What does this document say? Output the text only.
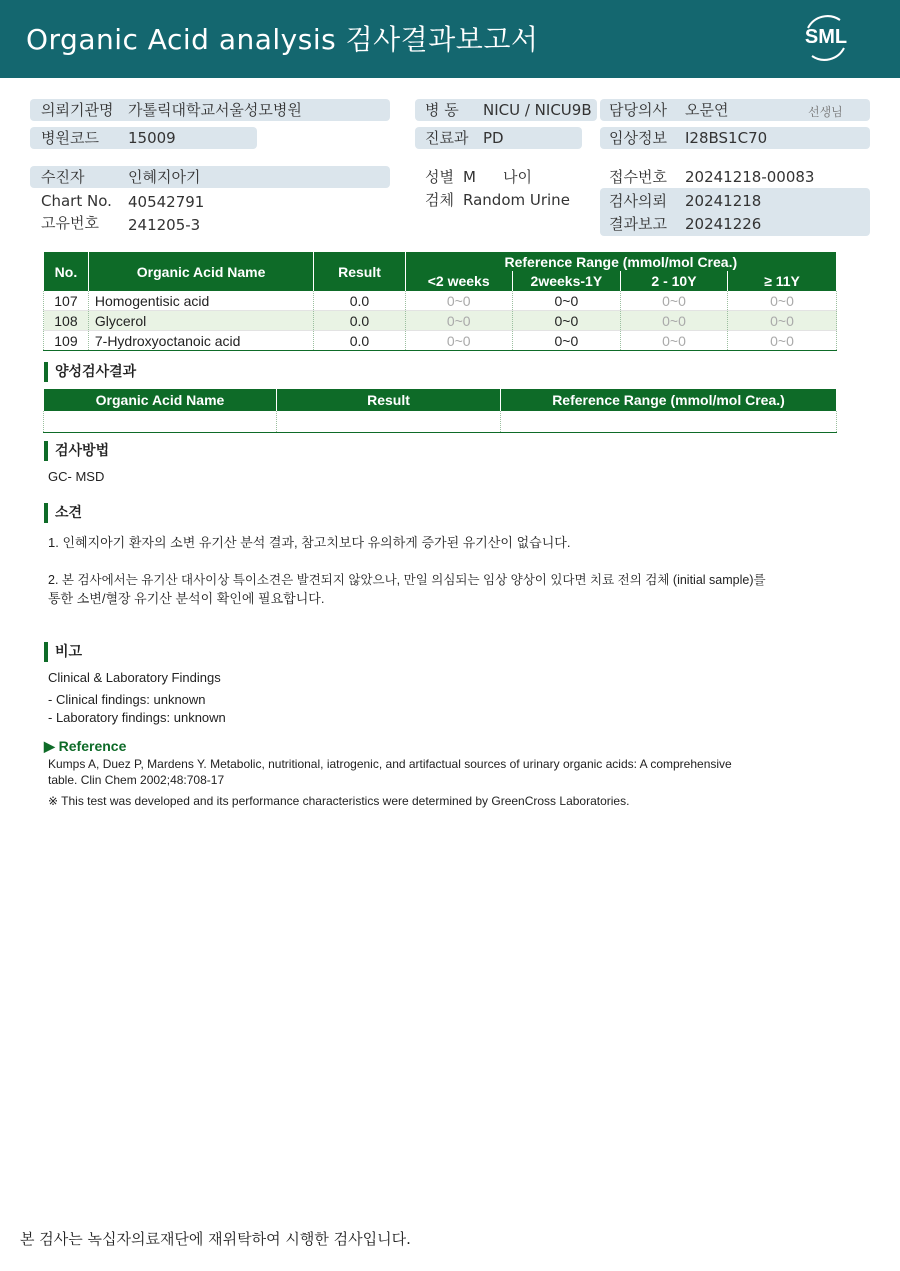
Organic Acid analysis 검사결과보고서	SML
의뢰기관명 가톨릭대학교서울성모병원
병원코드 15009
병 동 NICU / NICU9B
진료과 PD
담당의사 오문연	선생님
임상정보 I28BS1C70
수진자	인혜지아기
Chart No. 40542791
고유번호 241205-3
성별 M 나이
검체 Random Urine
접수번호 20241218-00083
검사의뢰 20241218
결과보고 20241226
No.	Organic Acid Name	Result	Reference Range (mmol/mol Crea.)			
			<2 weeks	2weeks-1Y	2 - 10Y	≥ 11Y
107	Homogentisic acid	0.0	0~0	0~0	0~0	0~0
108	Glycerol	0.0	0~0	0~0	0~0	0~0
109	7-Hydroxyoctanoic acid	0.0	0~0	0~0	0~0	0~0
양성검사결과
Organic Acid Name	Result	Reference Range (mmol/mol Crea.)

검사방법
GC- MSD
소견
1. 인혜지아기 환자의 소변 유기산 분석 결과, 참고치보다 유의하게 증가된 유기산이 없습니다.
2. 본 검사에서는 유기산 대사이상 특이소견은 발견되지 않았으나, 만일 의심되는 임상 양상이 있다면 치료 전의 검체 (initial sample)를
통한 소변/혈장 유기산 분석이 확인에 필요합니다.
비고
Clinical & Laboratory Findings
- Clinical findings: unknown
- Laboratory findings: unknown
▶ Reference
Kumps A, Duez P, Mardens Y. Metabolic, nutritional, iatrogenic, and artifactual sources of urinary organic acids: A comprehensive
table. Clin Chem 2002;48:708-17
※ This test was developed and its performance characteristics were determined by GreenCross Laboratories.
본 검사는 녹십자의료재단에 재위탁하여 시행한 검사입니다.
